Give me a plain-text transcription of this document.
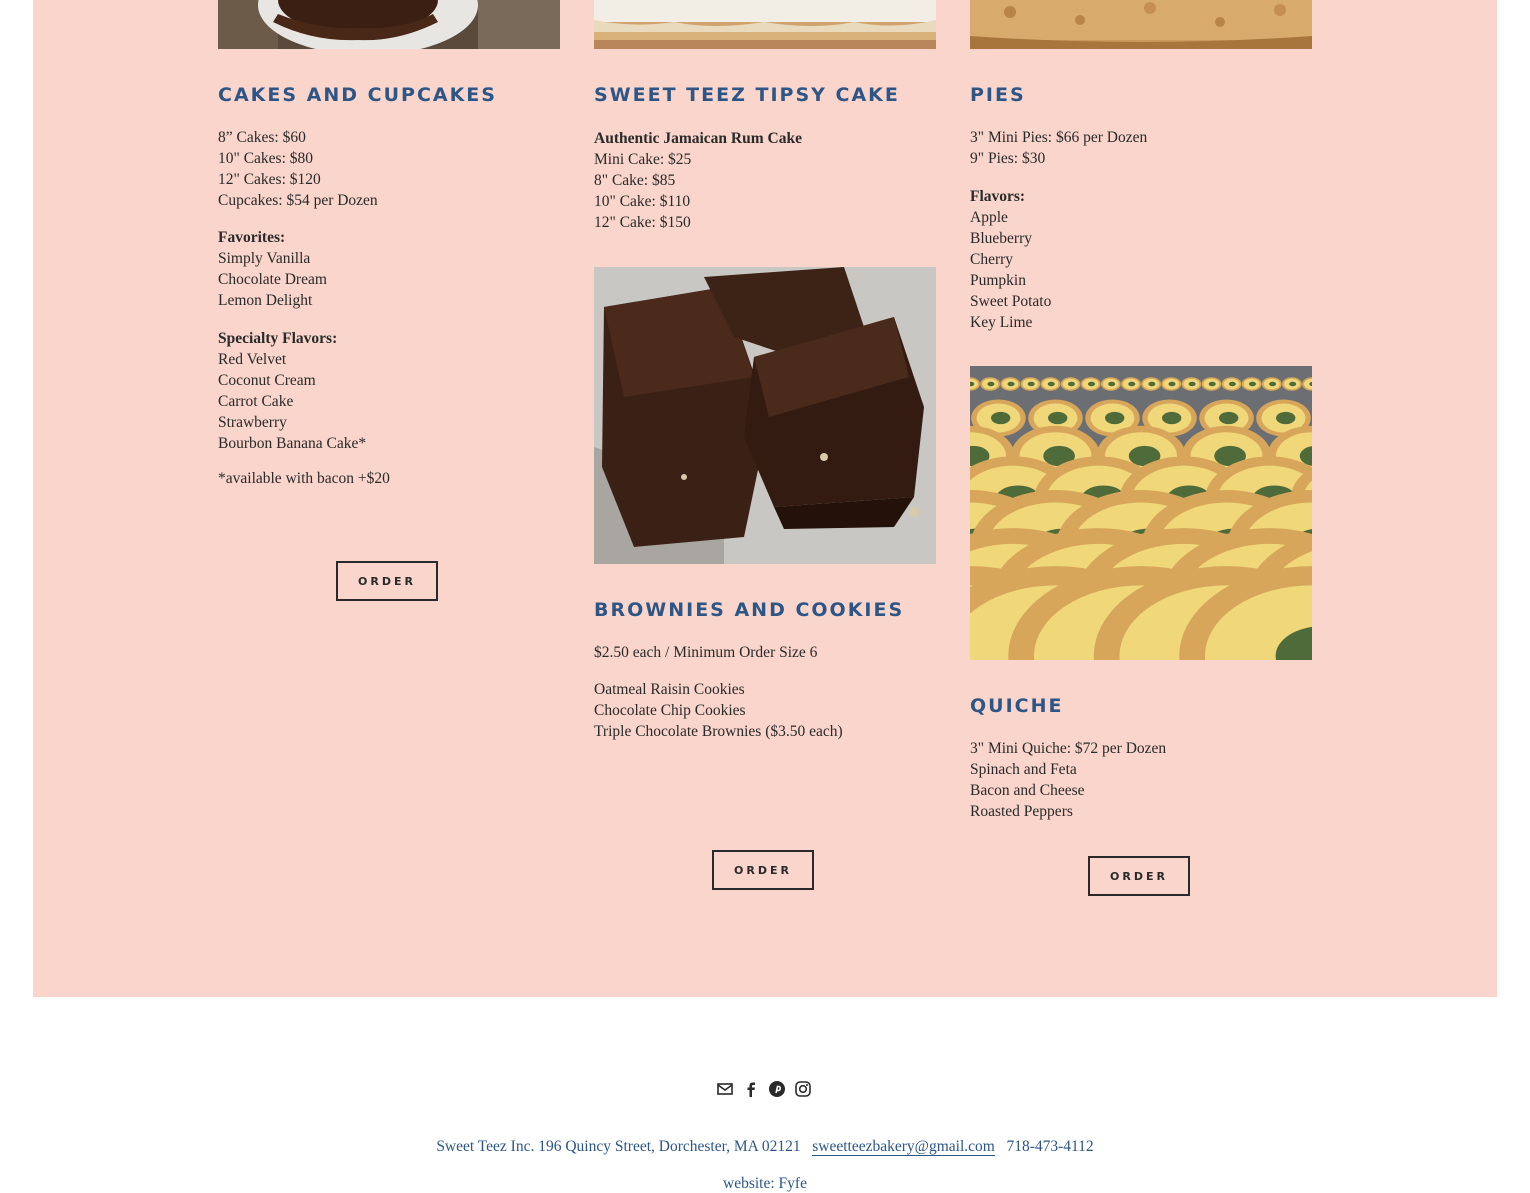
CAKES AND CUPCAKES
8” Cakes: $60
10" Cakes: $80
12" Cakes: $120
Cupcakes: $54 per Dozen
Favorites:
Simply Vanilla
Chocolate Dream
Lemon Delight
Specialty Flavors:
Red Velvet
Coconut Cream
Carrot Cake
Strawberry
Bourbon Banana Cake*
*available with bacon +$20
ORDER
SWEET TEEZ TIPSY CAKE
Authentic Jamaican Rum Cake
Mini Cake: $25
8" Cake: $85
10" Cake: $110
12" Cake: $150
BROWNIES AND COOKIES
$2.50 each / Minimum Order Size 6
Oatmeal Raisin Cookies
Chocolate Chip Cookies
Triple Chocolate Brownies ($3.50 each)
ORDER
PIES
3" Mini Pies: $66 per Dozen
9" Pies: $30
Flavors:
Apple
Blueberry
Cherry
Pumpkin
Sweet Potato
Key Lime
QUICHE
3" Mini Quiche: $72 per Dozen
Spinach and Feta
Bacon and Cheese
Roasted Peppers
ORDER
Sweet Teez Inc. 196 Quincy Street, Dorchester, MA 02121 sweetteezbakery@gmail.com 718-473-4112
website: Fyfe
